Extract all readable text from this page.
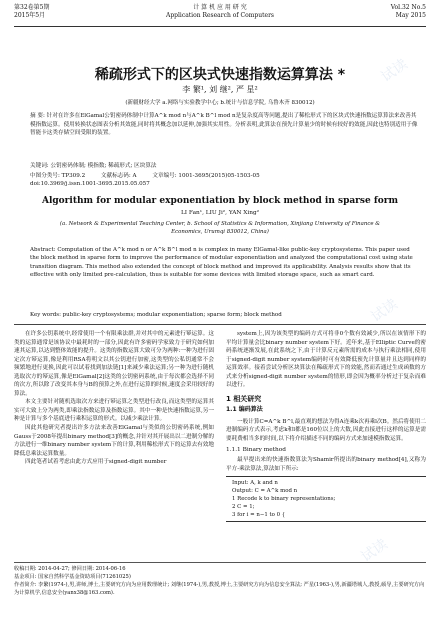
试读
试读
试读
第32卷第5期
2015年5月
计 算 机 应 用 研 究
Application Research of Computers
Vol.32 No.5
May 2015
稀疏形式下的区块式快速指数运算算法 *
李 繁¹, 刘 继², 严 星²
(新疆财经大学 a.网络与实验教学中心; b.统计与信息学院, 乌鲁木齐 830012)
摘 要: 针对在许多在ElGamal公钥密码体制中计算A^k mod n与A^k B^l mod n是复杂度高等问题,提出了稀松形式下的区块式快速指数运算算法来改善其模指数运算。使用转换状态图表分析其效能,同时将其概念加以延伸,加强其实用性。分析表明,此算法在预先计算量少的时候有较好的效能,因此也特别适用于像智能卡这类存储空间受限的装置。
关键词: 公钥密码体制; 模指数; 稀疏形式; 区块算法
中图分类号: TP309.2	文献标志码: A	文章编号: 1001-3695(2015)05-1503-05
doi:10.3969/j.issn.1001-3695.2015.05.057
Algorithm for modular exponentiation by block method in sparse form
LI Fan¹, LIU Ji², YAN Xing²
(a. Network & Experimental Teaching Center, b. School of Statistics & Information, Xinjiang University of Finance & Economics, Urumqi 830012, China)
Abstract: Computation of the A^k mod n or A^k B^l mod n is complex in many ElGamal-like public-key cryptosystems. This paper used the block method in sparse form to improve the performance of modular exponentiation and analyzed the computational cost using state transition diagram. This method also extended the concept of block method and improved its applicability. Analysis results show that its effective with only limited pre-calculation, thus is suitable for some devices with limited storage space, such as smart card.
Key words: public-key cryptosystems; modular exponentiation; sparse form; block method

在许多公钥系统中,经常使用一个有限乘法群,并对其中的元素进行幂运算。这类的运算通常是该协议中最耗时的一部分,因此有许多密码学家致力于研究如何加速其运算,以达到整体效能的提升。这类的指数运算大致可分为两种:一种为进行固定次方幂运算,像是利用RSA将明文以其公钥进行加密,这类型的公私钥通常不会频繁地进行更换,因此可以试着找到加法链[1]来减少乘法运算;另一种为进行随机选取次方的幂运算,像是ElGamal[2]这类的公钥密码系统,由于每次都会选择不同的次方,所以除了改变其本身与B的预算之外,在进行运算的时候,速度会采用较好的算法。

本文主要针对随机选取次方来进行幂运算之类型进行改良,而这类型的运算其实可大致上分为两类,即乘法指数运算及指数运算。其中一种是快速指数运算,另一种是计算与多个基底进行乘积运算的形式。以减少乘法计算。

因此其他研究者提出许多方法来改善ElGamal与类似的公钥密码系统,例如Gauss于2008年提出binary method[3]的概念,并针对其开展出以二进制分解的方法进行一维binary number system下的计算,利用稀松形式下的运算去有效地降低总乘法运算数量。

四此笔者试着考虑由此方式应用于signed-digit number

system上,因为该类型的编码方式可将非0个数有效减少,所以在该情形下的平均计算量会比binary number system下好。近年来,基于Elliptic Curve的密码系统逐渐发展,在此系统之下,由于计算反元素所需的成本与执行乘法相同,使用于signed-digit number system编码时可有效降低预先计算量并且达到同样的运算效率。接着尝试分析区块算法在稀疏形式下的效能,然而若通过生成函数的方式来分析signed-digit number system的情形,即会因为概率分析过于复杂而难以进行。

1 相关研究
1.1 编码算法

一般计算C=A^k B^l,最直观的想法为得A连乘k次再乘l次B。然后将使用二进制编码方式表示,考虑k和l都是160位以上的大数,因此直接进行这样的运算是需要耗费相当多的时间,以下将介绍描述不同的编码方式来加速模指数运算。

1.1.1 Binary method

最早提出来的快速指数算法为Shamir所提出的binary method[4],又称为平方-乘法算法,算法如下所示:

Input: A, k and n
Output: C = A^k mod n
1 Recode k to binary representations;
2 C = 1;
3 for i = n−1 to 0 {
收稿日期: 2014-04-27; 修回日期: 2014-06-16
基金项目: 国家自然科学基金资助项目(71261025)
作者简介: 李繁(1974-),男,讲师,博士,主要研究方向为应用数理统计; 刘继(1974-),男,教授,博士,主要研究方向为信息安全算法; 严星(1963-),男,新疆塔城人,教授,硕导,主要研究方向为计算机学,信息安全(yanx38@163.com).
